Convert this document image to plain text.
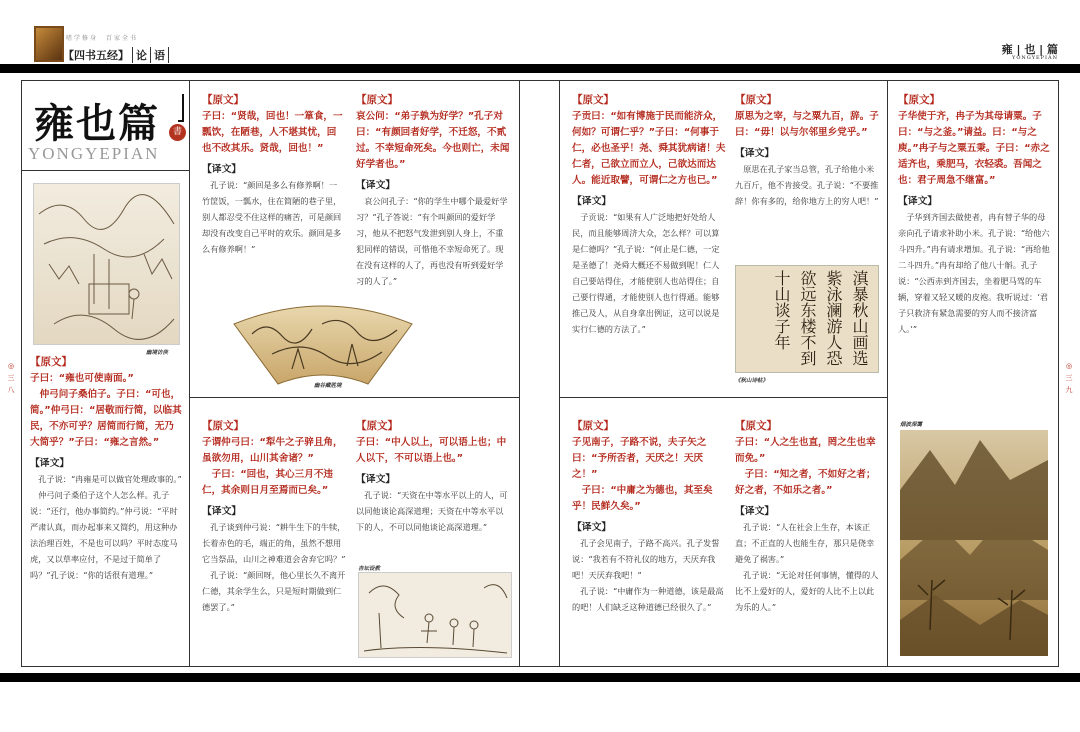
嗜学修身　百家全书
【四书五经】 论 语	雍 | 也 | 篇
YONGYEPIAN
雍也篇	書
YONGYEPIAN
◎
三
八
◎
三
九
幽境访侠
幽谷藏胜境
滇暴秋山画选 紫泳澜游人恐 欲远东楼不到 十山谈子年
《秋山诗帖》
杏坛设教
烟波深霭
【原文】
子曰：“雍也可使南面。”
　仲弓问子桑伯子。子曰：“可也，简。”仲弓曰：“居敬而行简，以临其民，不亦可乎？居简而行简，无乃大简乎？”子曰：“雍之言然。”
【译文】
　孔子说：“冉雍是可以做官处理政事的。”
　仲弓问子桑伯子这个人怎么样。孔子说：“还行，他办事简约。”仲弓说：“平时严肃认真，而办起事来又简约，用这种办法治理百姓，不是也可以吗？平时态度马虎，又以草率应付，不是过于简单了吗？”孔子说：“你的话很有道理。”
【原文】
子曰：“贤哉，回也！一箪食，一瓢饮，在陋巷，人不堪其忧，回也不改其乐。贤哉，回也！”
【译文】
　孔子说：“颜回是多么有修养啊！一竹筐饭，一瓢水，住在简陋的巷子里，别人都忍受不住这样的痛苦，可是颜回却没有改变自己平时的欢乐。颜回是多么有修养啊！”
【原文】
哀公问：“弟子孰为好学？”孔子对曰：“有颜回者好学，不迁怒，不贰过。不幸短命死矣。今也则亡，未闻好学者也。”
【译文】
　哀公问孔子：“你的学生中哪个最爱好学习？”孔子答说：“有个叫颜回的爱好学习，他从不把怒气发泄到别人身上，不重犯同样的错误，可惜他不幸短命死了。现在没有这样的人了，再也没有听到爱好学习的人了。”
【原文】
子谓仲弓曰：“犁牛之子骍且角，虽欲勿用，山川其舍诸？”
　子曰：“回也，其心三月不违仁，其余则日月至焉而已矣。”
【译文】
　孔子谈到仲弓说：“耕牛生下的牛犊，长着赤色的毛，端正的角，虽然不想用它当祭品，山川之神难道会舍弃它吗？”
　孔子说：“颜回呀，他心里长久不离开仁德，其余学生么，只是短时期做到仁德罢了。”
【原文】
子曰：“中人以上，可以语上也；中人以下，不可以语上也。”
【译文】
　孔子说：“天资在中等水平以上的人，可以同他谈论高深道理；天资在中等水平以下的人，不可以同他谈论高深道理。”
【原文】
子贡曰：“如有博施于民而能济众，何如？可谓仁乎？”子曰：“何事于仁，必也圣乎！尧、舜其犹病诸！夫仁者，己欲立而立人，己欲达而达人。能近取譬，可谓仁之方也已。”
【译文】
　子贡说：“如果有人广泛地把好处给人民，而且能够周济大众，怎么样？可以算是仁德吗？”孔子说：“何止是仁德，一定是圣德了！尧舜大概还不易做到呢！仁人自己要站得住，才能使别人也站得住；自己要行得通，才能使别人也行得通。能够推己及人，从自身拿出例证，这可以说是实行仁德的方法了。”
【原文】
原思为之宰，与之粟九百，辞。子曰：“毋！以与尔邻里乡党乎。”
【译文】
　原思在孔子家当总管，孔子给他小米九百斤，他不肯接受。孔子说：“不要推辞！你有多的，给你地方上的穷人吧！”
【原文】
子华使于齐，冉子为其母请粟。子曰：“与之釜。”请益。曰：“与之庾。”冉子与之粟五秉。子曰：“赤之适齐也，乘肥马，衣轻裘。吾闻之也：君子周急不继富。”
【译文】
　子华到齐国去做使者，冉有替子华的母亲向孔子请求补助小米。孔子说：“给他六斗四升。”冉有请求增加。孔子说：“再给他二斗四升。”冉有却给了他八十斛。孔子说：“公西赤到齐国去，坐着肥马驾的车辆，穿着又轻又暖的皮袍。我听说过：‘君子只救济有紧急需要的穷人而不接济富人。’”
【原文】
子见南子，子路不说，夫子矢之曰：“予所否者，天厌之！天厌之！”
　子曰：“中庸之为德也，其至矣乎！民鲜久矣。”
【译文】
　孔子会见南子，子路不高兴。孔子发誓说：“我若有不符礼仪的地方，天厌弃我吧！天厌弃我吧！”
　孔子说：“中庸作为一种道德，该是最高的吧！人们缺乏这种道德已经很久了。”
【原文】
子曰：“人之生也直，罔之生也幸而免。”
　子曰：“知之者，不如好之者；好之者，不如乐之者。”
【译文】
　孔子说：“人在社会上生存，本该正直；不正直的人也能生存，那只是侥幸避免了祸害。”
　孔子说：“无论对任何事情，懂得的人比不上爱好的人，爱好的人比不上以此为乐的人。”
